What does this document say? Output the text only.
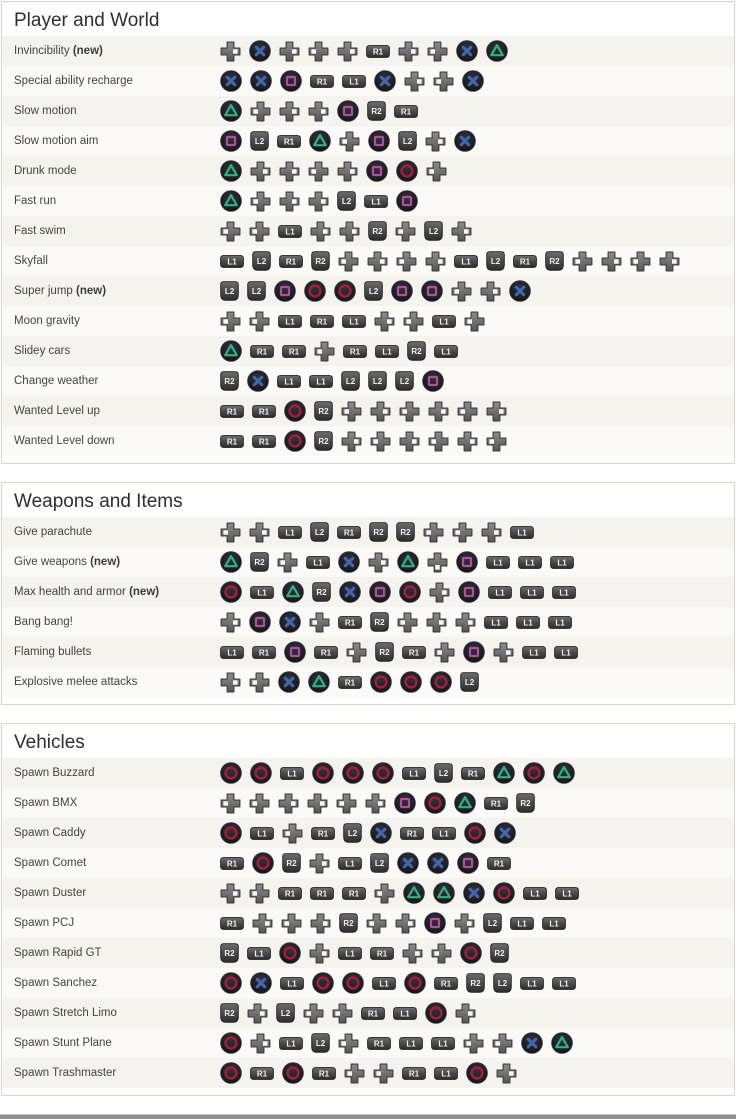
Player and World
Invincibility (new)	R1
Special ability recharge	R1	L1
Slow motion	R2 R1
Slow motion aim	L2 R1	L2
Drunk mode
Fast run	L2	L1
Fast swim	L1	R2	L2
Skyfall	L1	L2 R1 R2	L1	L2 R1 R2
Super jump (new)	L2 L2	L2
Moon gravity	L1	R1	L1	L1
Slidey cars	R1	R1	R1	L1 R2 L1
Change weather	R2	L1	L1	L2 L2 L2
Wanted Level up	R1	R1	R2
Wanted Level down	R1	R1	R2
Weapons and Items
Give parachute	L1	L2 R1 R2 R2	L1
Give weapons (new)	R2	L1	L1	L1	L1
Max health and armor (new)	L1	R2	L1	L1	L1
Bang bang!	R1 R2	L1	L1	L1
Flaming bullets	L1	R1	R1	R2 R1	L1	L1
Explosive melee attacks	R1	L2
Vehicles
Spawn Buzzard	L1	L1	L2 R1
Spawn BMX	R1 R2
Spawn Caddy	L1	R1 L2	R1	L1
Spawn Comet	R1	R2	L1	L2	R1
Spawn Duster	R1	R1	R1	L1	L1
Spawn PCJ	R1	R2	L2	L1	L1
Spawn Rapid GT	R2 L1	L1	R1	R2
Spawn Sanchez	L1	L1	R1 R2 L2	L1	L1
Spawn Stretch Limo	R2	L2	R1	L1
Spawn Stunt Plane	L1	L2	R1	L1	L1
Spawn Trashmaster	R1	R1	R1	L1
